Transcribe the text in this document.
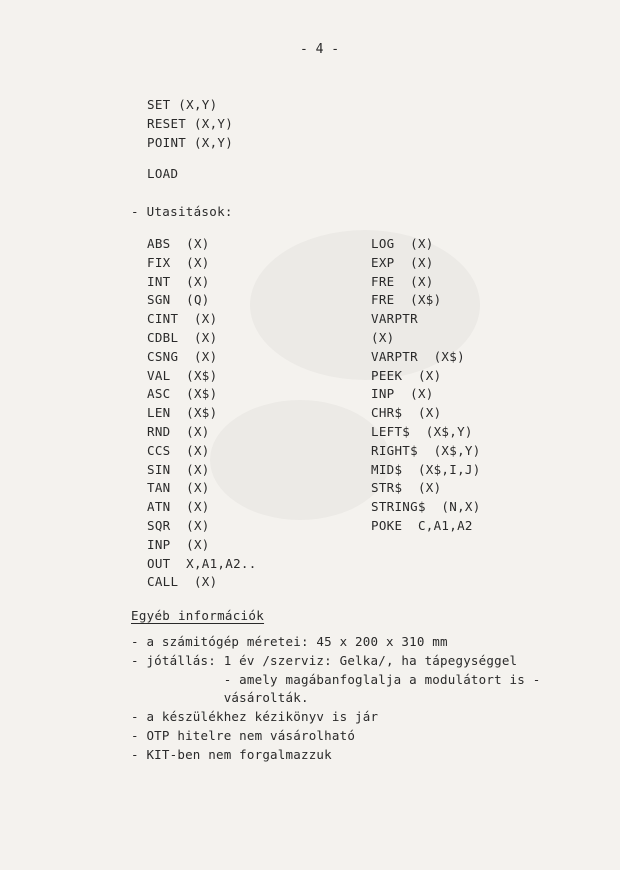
- 4 -
SET (X,Y)
RESET (X,Y)
POINT (X,Y)
LOAD
- Utasitások:
ABS  (X)
FIX  (X)
INT  (X)
SGN  (Q)
CINT  (X)
CDBL  (X)
CSNG  (X)
VAL  (X$)
ASC  (X$)
LEN  (X$)
RND  (X)
CCS  (X)
SIN  (X)
TAN  (X)
ATN  (X)
SQR  (X)
INP  (X)
OUT  X,A1,A2..
CALL  (X)
LOG  (X)
EXP  (X)
FRE  (X)
FRE  (X$)
VARPTR
(X)
VARPTR  (X$)
PEEK  (X)
INP  (X)
CHR$  (X)
LEFT$  (X$,Y)
RIGHT$  (X$,Y)
MID$  (X$,I,J)
STR$  (X)
STRING$  (N,X)
POKE  C,A1,A2
Egyéb információk
- a számitógép méretei: 45 x 200 x 310 mm
- jótállás: 1 év /szerviz: Gelka/, ha tápegységgel
- amely magábanfoglalja a modulátort is -
vásárolták.
- a készülékhez kézikönyv is jár
- OTP hitelre nem vásárolható
- KIT-ben nem forgalmazzuk
